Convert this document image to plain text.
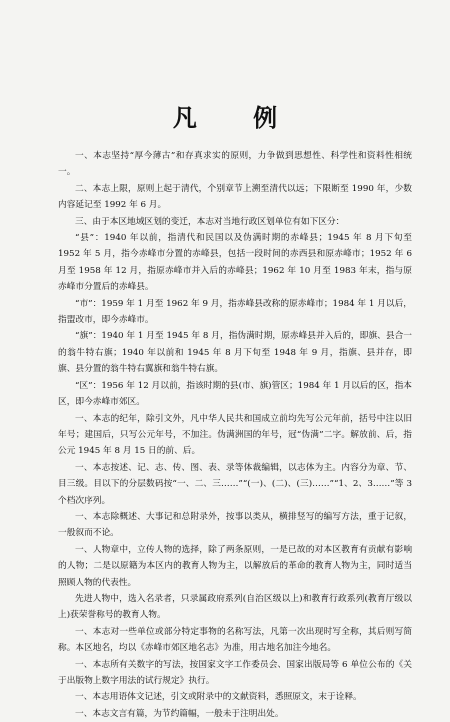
凡 例

一、本志坚持“厚今薄古”和存真求实的原则，力争做到思想性、科学性和资料性相统一。

二、本志上限，原则上起于清代，个别章节上溯至清代以远；下限断至 1990 年，少数内容延记至 1992 年 6 月。

三、由于本区地域区划的变迁，本志对当地行政区划单位有如下区分：

“县”：1940 年以前，指清代和民国以及伪满时期的赤峰县；1945 年 8 月下旬至 1952 年 5 月，指今赤峰市分置的赤峰县，包括一段时间的赤西县和原赤峰市；1952 年 6 月至 1958 年 12 月，指原赤峰市并入后的赤峰县；1962 年 10 月至 1983 年末，指与原赤峰市分置后的赤峰县。

“市”：1959 年 1 月至 1962 年 9 月，指赤峰县改称的原赤峰市；1984 年 1 月以后，指盟改市，即今赤峰市。

“旗”：1940 年 1 月至 1945 年 8 月，指伪满时期，原赤峰县并入后的，即旗、县合一的翁牛特右旗；1940 年以前和 1945 年 8 月下旬至 1948 年 9 月，指旗、县并存，即旗、县分置的翁牛特右翼旗和翁牛特右旗。

“区”：1956 年 12 月以前，指该时期的县(市、旗)管区；1984 年 1 月以后的区，指本区，即今赤峰市郊区。

一、本志的纪年，除引文外，凡中华人民共和国成立前均先写公元年前，括号中注以旧年号；建国后，只写公元年号，不加注。伪满洲国的年号，冠“伪满”二字。解放前、后，指公元 1945 年 8 月 15 日的前、后。

一、本志按述、记、志、传、图、表、录等体裁编辑，以志体为主。内容分为章、节、目三级。目以下的分层数码按“一、二、三……”“(一)、(二)、(三)……”“1、2、3……”等 3 个档次序列。

一、本志除概述、大事记和总附录外，按事以类从，横排竖写的编写方法，重于记叙，一般叙而不论。

一、人物章中，立传人物的选择，除了两条原则，一是已故的对本区教育有贡献有影响的人物；二是以原籍为本区内的教育人物为主，以解放后的革命的教育人物为主，同时适当照顾人物的代表性。

先进人物中，选入名录者，只录属政府系列(自治区级以上)和教育行政系列(教育厅级以上)获荣誉称号的教育人物。

一、本志对一些单位或部分特定事物的名称写法，凡第一次出现时写全称，其后则写简称。本区地名，均以《赤峰市郊区地名志》为准，用古地名加注今地名。

一、本志所有关数字的写法，按国家文字工作委员会、国家出版局等 6 单位公布的《关于出版物上数字用法的试行规定》执行。

一、本志用语体文记述，引文或附录中的文献资料，悉照原文，末于诠释。

一、本志文言有篇，为节约篇幅，一般未于注明出处。
